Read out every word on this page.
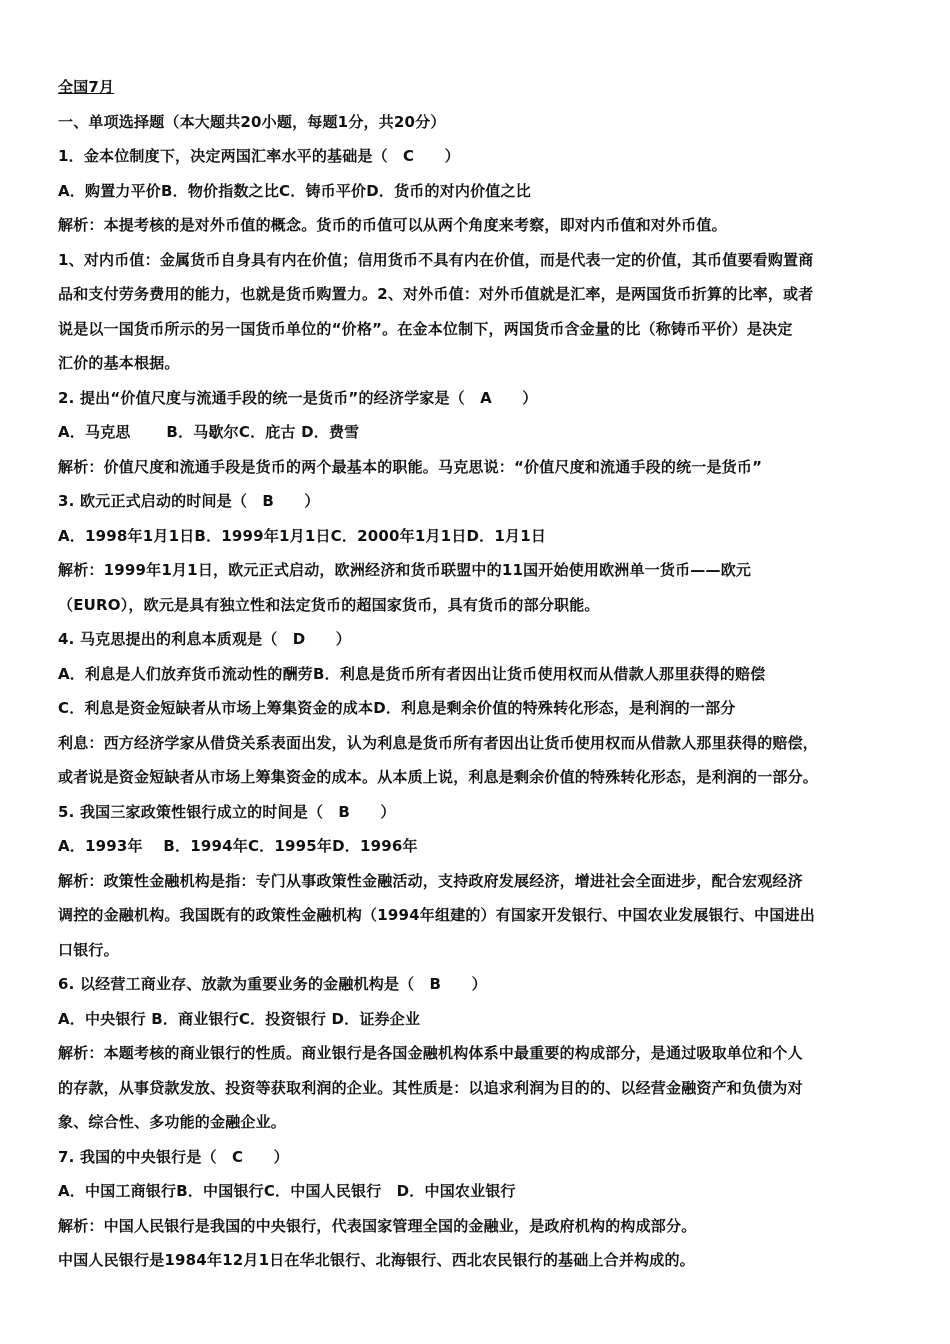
全国7月
一、单项选择题（本大题共20小题，每题1分，共20分）
1．金本位制度下，决定两国汇率水平的基础是（　C　　）
A．购置力平价B．物价指数之比C．铸币平价D．货币的对内价值之比
解析：本提考核的是对外币值的概念。货币的币值可以从两个角度来考察，即对内币值和对外币值。
1、对内币值：金属货币自身具有内在价值；信用货币不具有内在价值，而是代表一定的价值，其币值要看购置商
品和支付劳务费用的能力，也就是货币购置力。2、对外币值：对外币值就是汇率，是两国货币折算的比率，或者
说是以一国货币所示的另一国货币单位的“价格”。在金本位制下，两国货币含金量的比（称铸币平价）是决定
汇价的基本根据。
2. 提出“价值尺度与流通手段的统一是货币”的经济学家是（　A　　）
A．马克思　　 B．马歇尔C．庇古 D．费雪
解析：价值尺度和流通手段是货币的两个最基本的职能。马克思说：“价值尺度和流通手段的统一是货币”
3. 欧元正式启动的时间是（　B　　）
A．1998年1月1日B．1999年1月1日C．2000年1月1日D．1月1日
解析：1999年1月1日，欧元正式启动，欧洲经济和货币联盟中的11国开始使用欧洲单一货币——欧元
（EURO），欧元是具有独立性和法定货币的超国家货币，具有货币的部分职能。
4. 马克思提出的利息本质观是（　D　　）
A．利息是人们放弃货币流动性的酬劳B．利息是货币所有者因出让货币使用权而从借款人那里获得的赔偿
C．利息是资金短缺者从市场上筹集资金的成本D．利息是剩余价值的特殊转化形态，是利润的一部分
利息：西方经济学家从借贷关系表面出发，认为利息是货币所有者因出让货币使用权而从借款人那里获得的赔偿，
或者说是资金短缺者从市场上筹集资金的成本。从本质上说，利息是剩余价值的特殊转化形态，是利润的一部分。
5. 我国三家政策性银行成立的时间是（　B　　）
A．1993年　 B．1994年C．1995年D．1996年
解析：政策性金融机构是指：专门从事政策性金融活动，支持政府发展经济，增进社会全面进步，配合宏观经济
调控的金融机构。我国既有的政策性金融机构（1994年组建的）有国家开发银行、中国农业发展银行、中国进出
口银行。
6. 以经营工商业存、放款为重要业务的金融机构是（　B　　）
A．中央银行 B．商业银行C．投资银行 D．证券企业
解析：本题考核的商业银行的性质。商业银行是各国金融机构体系中最重要的构成部分，是通过吸取单位和个人
的存款，从事贷款发放、投资等获取利润的企业。其性质是：以追求利润为目的的、以经营金融资产和负债为对
象、综合性、多功能的金融企业。
7. 我国的中央银行是（　C　　）
A．中国工商银行B．中国银行C．中国人民银行　D．中国农业银行
解析：中国人民银行是我国的中央银行，代表国家管理全国的金融业，是政府机构的构成部分。
中国人民银行是1984年12月1日在华北银行、北海银行、西北农民银行的基础上合并构成的。
